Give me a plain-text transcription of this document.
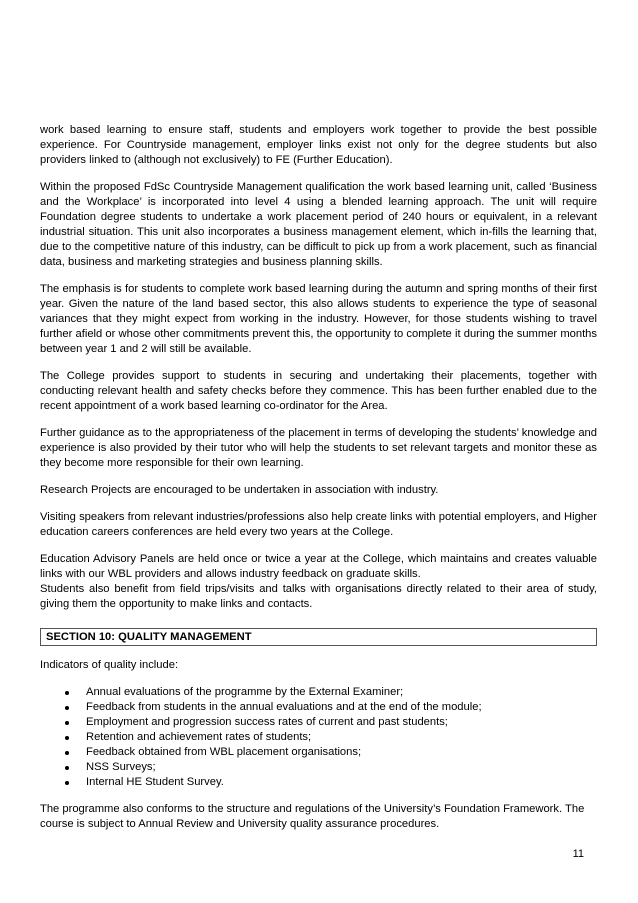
work based learning to ensure staff, students and employers work together to provide the best possible experience. For Countryside management, employer links exist not only for the degree students but also providers linked to (although not exclusively) to FE (Further Education).

Within the proposed FdSc Countryside Management qualification the work based learning unit, called ‘Business and the Workplace’ is incorporated into level 4 using a blended learning approach. The unit will require Foundation degree students to undertake a work placement period of 240 hours or equivalent, in a relevant industrial situation. This unit also incorporates a business management element, which in-fills the learning that, due to the competitive nature of this industry, can be difficult to pick up from a work placement, such as financial data, business and marketing strategies and business planning skills.

The emphasis is for students to complete work based learning during the autumn and spring months of their first year. Given the nature of the land based sector, this also allows students to experience the type of seasonal variances that they might expect from working in the industry. However, for those students wishing to travel further afield or whose other commitments prevent this, the opportunity to complete it during the summer months between year 1 and 2 will still be available.

The College provides support to students in securing and undertaking their placements, together with conducting relevant health and safety checks before they commence. This has been further enabled due to the recent appointment of a work based learning co-ordinator for the Area.

Further guidance as to the appropriateness of the placement in terms of developing the students’ knowledge and experience is also provided by their tutor who will help the students to set relevant targets and monitor these as they become more responsible for their own learning.

Research Projects are encouraged to be undertaken in association with industry.

Visiting speakers from relevant industries/professions also help create links with potential employers, and Higher education careers conferences are held every two years at the College.

Education Advisory Panels are held once or twice a year at the College, which maintains and creates valuable links with our WBL providers and allows industry feedback on graduate skills.

Students also benefit from field trips/visits and talks with organisations directly related to their area of study, giving them the opportunity to make links and contacts.

SECTION 10: QUALITY MANAGEMENT

Indicators of quality include:

Annual evaluations of the programme by the External Examiner;
Feedback from students in the annual evaluations and at the end of the module;
Employment and progression success rates of current and past students;
Retention and achievement rates of students;
Feedback obtained from WBL placement organisations;
NSS Surveys;
Internal HE Student Survey.

The programme also conforms to the structure and regulations of the University’s Foundation Framework. The course is subject to Annual Review and University quality assurance procedures.

11
